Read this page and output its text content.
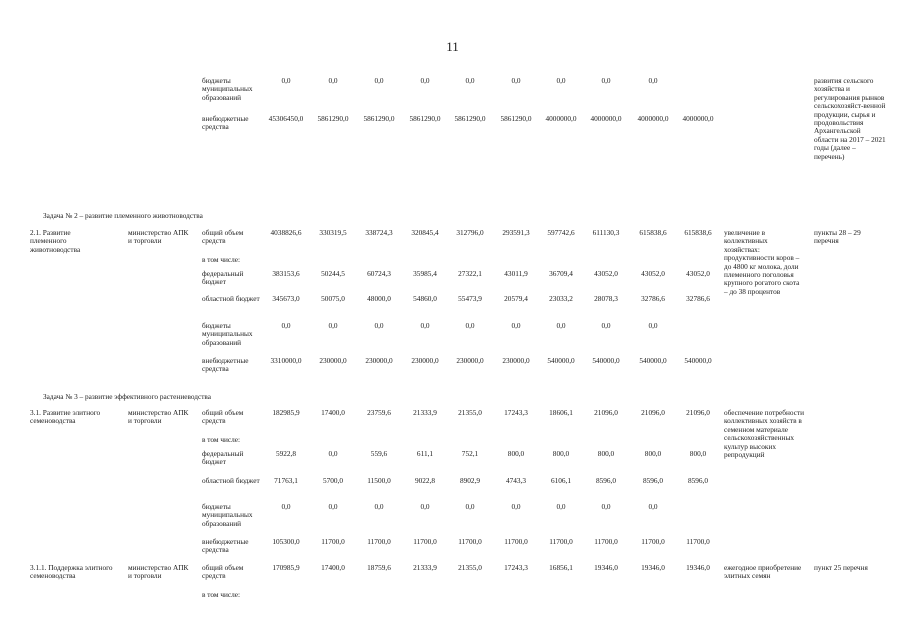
11
бюджеты муниципальных образований
0,0	0,0	0,0	0,0	0,0	0,0	0,0	0,0	0,0
внебюджетные средства
45306450,0 5861290,0 5861290,0 5861290,0 5861290,0 5861290,0 4000000,0 4000000,0 4000000,0 4000000,0
развития сельского хозяйства и регулирования рынков сельскохозяйст-венной продукции, сырья и продовольствия Архангельской области на 2017 – 2021 годы (далее – перечень)
Задача № 2 – развитие племенного животноводства
2.1. Развитие племенного животноводства
министерство АПК и торговли
увеличение в коллективных хозяйствах: продуктивности коров – до 4800 кг молока, доли племенного поголовья крупного рогатого скота – до 38 процентов
пункты 28 – 29 перечня
общий объем средств
4038826,6 330319,5	338724,3	320845,4 312796,0	293591,3 597742,6 611130,3	615838,6 615838,6
в том числе:
федеральный бюджет
383153,6	50244,5	60724,3	35985,4	27322,1	43011,9	36709,4	43052,0	43052,0	43052,0
областной бюджет	345673,0	50075,0	48000,0	54860,0	55473,9	20579,4	23033,2	28078,3	32786,6	32786,6
бюджеты муниципальных образований
0,0	0,0	0,0	0,0	0,0	0,0	0,0	0,0	0,0
внебюджетные средства
3310000,0 230000,0	230000,0	230000,0 230000,0	230000,0 540000,0 540000,0	540000,0 540000,0
Задача № 3 – развитие эффективного растениеводства
3.1. Развитие элитного семеноводства
министерство АПК и торговли
обеспечение потребности коллективных хозяйств в семенном материале сельскохозяйственных культур высоких репродукций
общий объем средств
182985,9	17400,0	23759,6	21333,9	21355,0	17243,3	18606,1	21096,0	21096,0	21096,0
в том числе:
федеральный бюджет
5922,8	0,0	559,6	611,1	752,1	800,0	800,0	800,0	800,0	800,0
областной бюджет	71763,1	5700,0	11500,0	9022,8	8902,9	4743,3	6106,1	8596,0	8596,0	8596,0
бюджеты муниципальных образований
0,0	0,0	0,0	0,0	0,0	0,0	0,0	0,0	0,0
внебюджетные средства
105300,0	11700,0	11700,0	11700,0	11700,0	11700,0	11700,0	11700,0	11700,0	11700,0
3.1.1. Поддержка элитного семеноводства
министерство АПК и торговли
ежегодное приобретение элитных семян
пункт 25 перечня
общий объем средств
170985,9	17400,0	18759,6	21333,9	21355,0	17243,3	16856,1	19346,0	19346,0	19346,0
в том числе:
